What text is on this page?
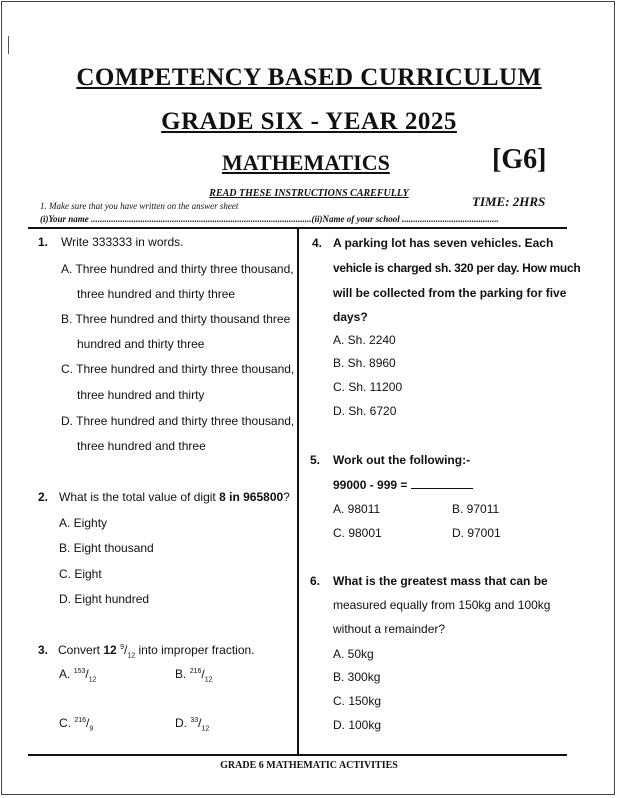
COMPETENCY BASED CURRICULUM
GRADE SIX - YEAR 2025
MATHEMATICS	[G6]
READ THESE INSTRUCTIONS CAREFULLY
1. Make sure that you have written on the answer sheet	TIME: 2HRS
(i)Your name ..................................................................................................(ii)Name of your school ...........................................
1. Write 333333 in words.
A. Three hundred and thirty three thousand,
three hundred and thirty three
B. Three hundred and thirty thousand three
hundred and thirty three
C. Three hundred and thirty three thousand,
three hundred and thirty
D. Three hundred and thirty three thousand,
three hundred and three
2. What is the total value of digit 8 in 965800?
A. Eighty
B. Eight thousand
C. Eight
D. Eight hundred
3. Convert 12 $^9/_{12}$ into improper fraction.
A. $^{153}/_{12}$	B. $^{216}/_{12}$
C. $^{216}/_9$	D. $^{33}/_{12}$
4. A parking lot has seven vehicles. Each
vehicle is charged sh. 320 per day. How much
will be collected from the parking for five
days?
A. Sh. 2240
B. Sh. 8960
C. Sh. 11200
D. Sh. 6720
5. Work out the following:-
99000 - 999 =
A. 98011	B. 97011
C. 98001	D. 97001
6. What is the greatest mass that can be
measured equally from 150kg and 100kg
without a remainder?
A. 50kg
B. 300kg
C. 150kg
D. 100kg
GRADE 6 MATHEMATIC ACTIVITIES
